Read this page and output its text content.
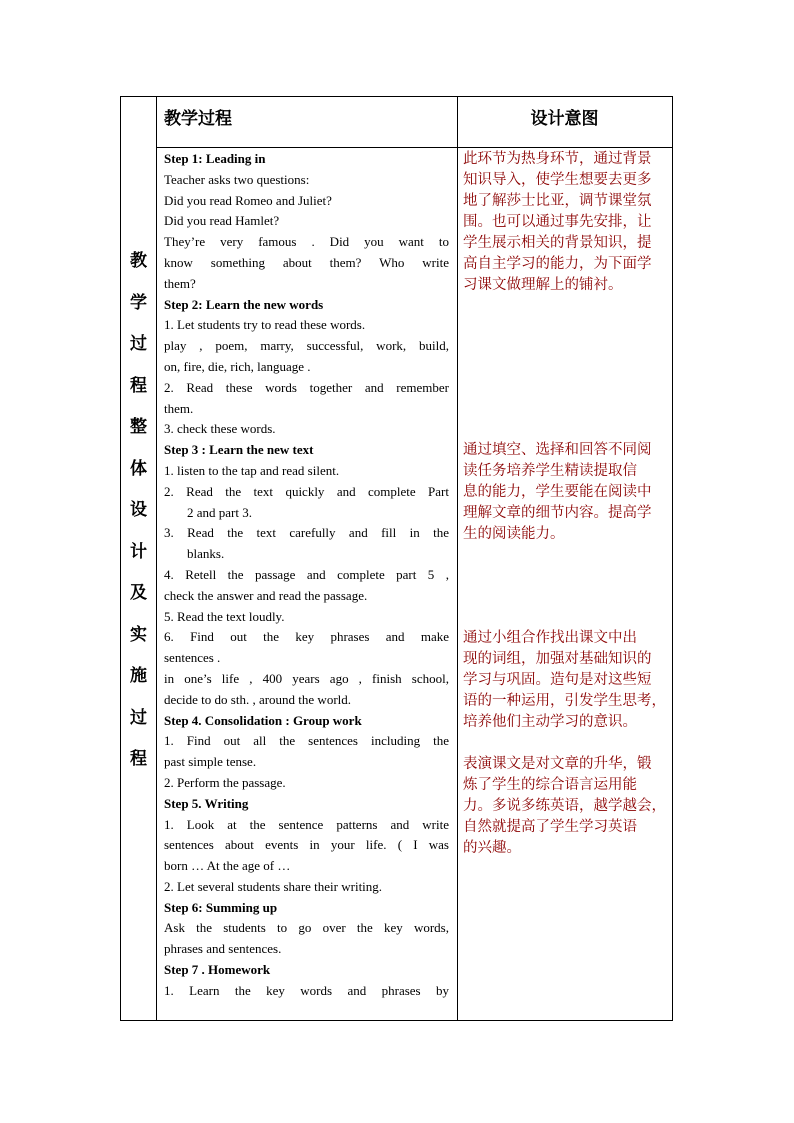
教学过程	设计意图
教
学
过
程
整
体
设
计
及
实
施
过
程
Step 1: Leading in
Teacher asks two questions:
Did you read Romeo and Juliet?
Did you read Hamlet?
They’re very famous . Did you want to
know something about them? Who write
them?
Step 2: Learn the new words
1. Let students try to read these words.
play , poem, marry, successful, work, build,
on, fire, die, rich, language .
2. Read these words together and remember
them.
3. check these words.
Step 3 : Learn the new text
1. listen to the tap and read silent.
2. Read the text quickly and complete Part
2 and part 3.
3. Read the text carefully and fill in the
blanks.
4. Retell the passage and complete part 5 ,
check the answer and read the passage.
5. Read the text loudly.
6. Find out the key phrases and make
sentences .
in one’s life , 400 years ago , finish school,
decide to do sth. , around the world.
Step 4. Consolidation : Group work
1. Find out all the sentences including the
past simple tense.
2. Perform the passage.
Step 5. Writing
1. Look at the sentence patterns and write
sentences about events in your life. ( I was
born … At the age of …
2. Let several students share their writing.
Step 6: Summing up
Ask the students to go over the key words,
phrases and sentences.
Step 7 . Homework
1. Learn the key words and phrases by
此环节为热身环节，通过背景
知识导入，使学生想要去更多
地了解莎士比亚，调节课堂氛
围。也可以通过事先安排，让
学生展示相关的背景知识，提
高自主学习的能力，为下面学
习课文做理解上的铺衬。
通过填空、选择和回答不同阅
读任务培养学生精读提取信
息的能力，学生要能在阅读中
理解文章的细节内容。提高学
生的阅读能力。
通过小组合作找出课文中出
现的词组，加强对基础知识的
学习与巩固。造句是对这些短
语的一种运用，引发学生思考，
培养他们主动学习的意识。
表演课文是对文章的升华，锻
炼了学生的综合语言运用能
力。多说多练英语，越学越会，
自然就提高了学生学习英语
的兴趣。
